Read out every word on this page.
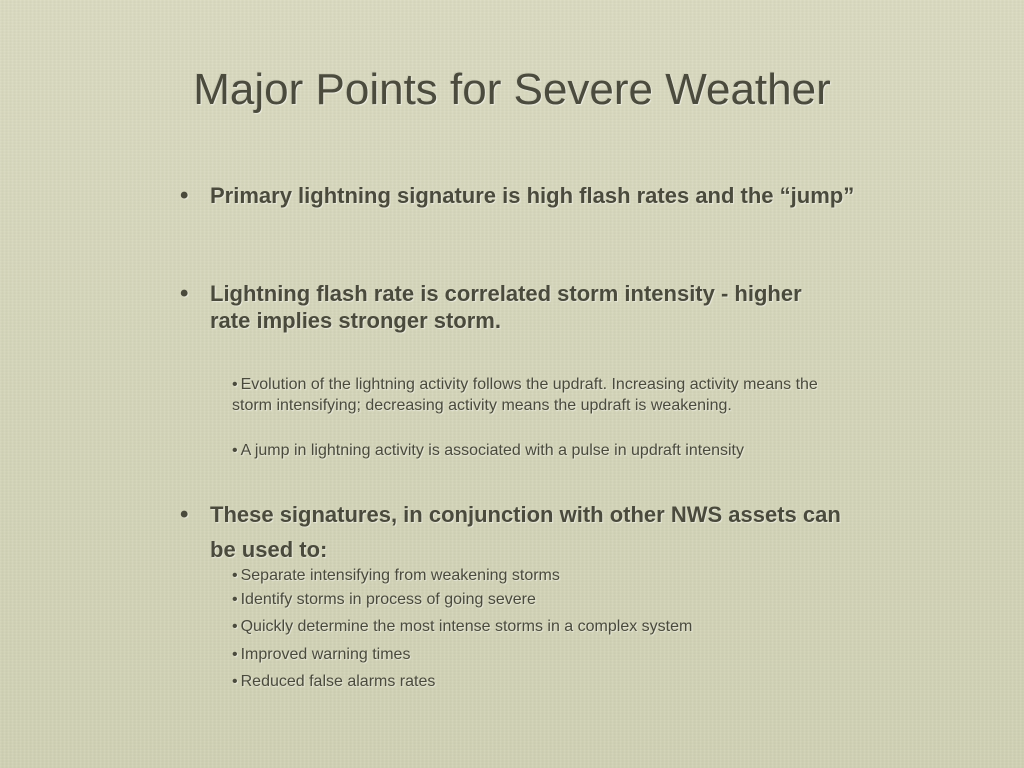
Major Points for Severe Weather
• Primary lightning signature is high flash rates and the “jump”
• Lightning flash rate is correlated storm intensity - higher rate implies stronger storm.
• Evolution of the lightning activity follows the updraft. Increasing activity means the storm intensifying; decreasing activity means the updraft is weakening.
• A jump in lightning activity is associated with a pulse in updraft intensity
• These signatures, in conjunction with other NWS assets can be used to:
• Separate intensifying from weakening storms
• Identify storms in process of going severe
• Quickly determine the most intense storms in a complex system
• Improved warning times
• Reduced false alarms rates
